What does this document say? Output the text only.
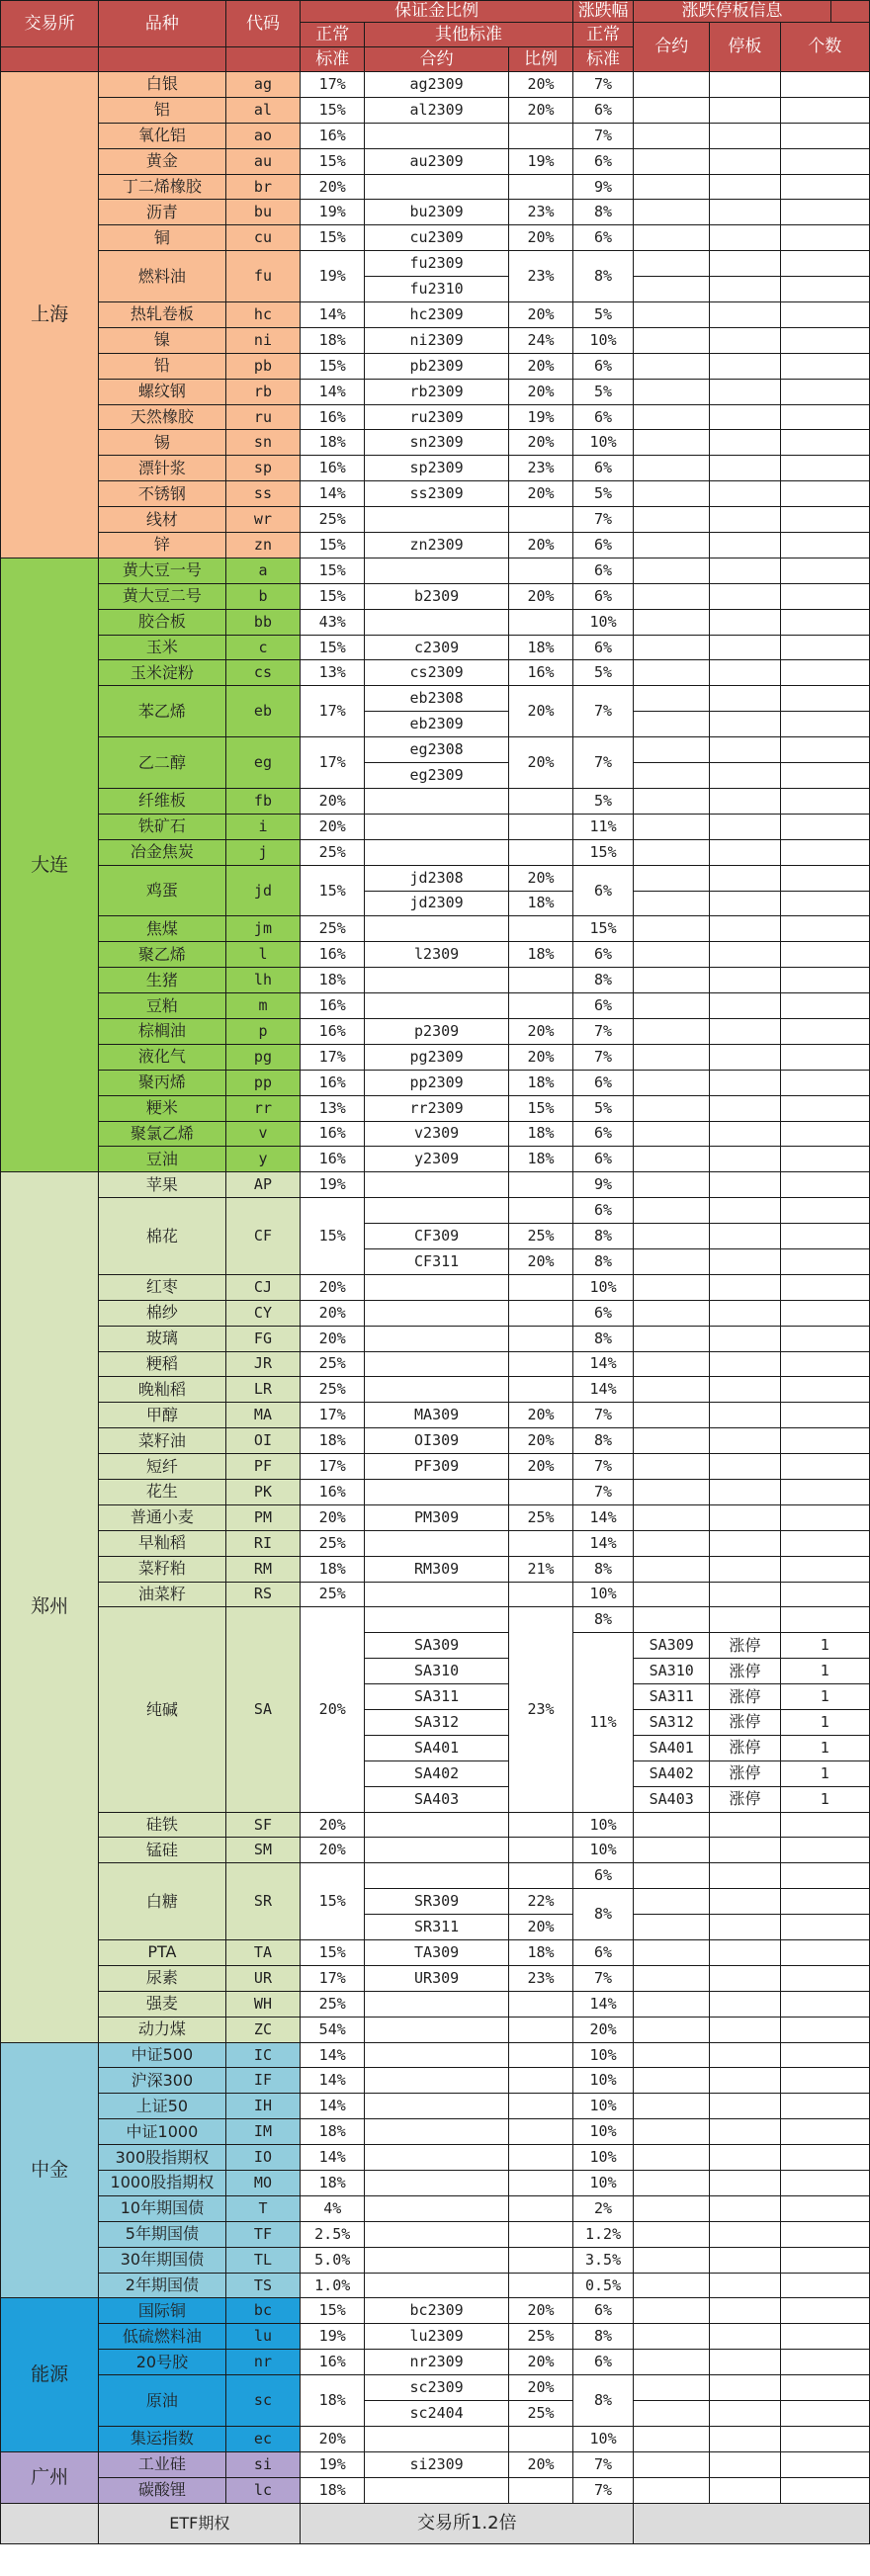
交易所	品种	代码	保证金比例			涨跌幅	涨跌停板信息			
			正常	其他标准		正常	合约	停板	个数	
			标准	合约	比例	标准				
上海	白银	ag	17%	ag2309	20%	7%				
	铝	al	15%	al2309	20%	6%				
	氧化铝	ao	16%			7%				
	黄金	au	15%	au2309	19%	6%				
	丁二烯橡胶	br	20%			9%				
	沥青	bu	19%	bu2309	23%	8%				
	铜	cu	15%	cu2309	20%	6%				
	燃料油	fu	19%	fu2309	23%	8%				
				fu2310						
	热轧卷板	hc	14%	hc2309	20%	5%				
	镍	ni	18%	ni2309	24%	10%				
	铅	pb	15%	pb2309	20%	6%				
	螺纹钢	rb	14%	rb2309	20%	5%				
	天然橡胶	ru	16%	ru2309	19%	6%				
	锡	sn	18%	sn2309	20%	10%				
	漂针浆	sp	16%	sp2309	23%	6%				
	不锈钢	ss	14%	ss2309	20%	5%				
	线材	wr	25%			7%				
	锌	zn	15%	zn2309	20%	6%				
大连	黄大豆一号	a	15%			6%				
	黄大豆二号	b	15%	b2309	20%	6%				
	胶合板	bb	43%			10%				
	玉米	c	15%	c2309	18%	6%				
	玉米淀粉	cs	13%	cs2309	16%	5%				
	苯乙烯	eb	17%	eb2308	20%	7%				
				eb2309						
	乙二醇	eg	17%	eg2308	20%	7%				
				eg2309						
	纤维板	fb	20%			5%				
	铁矿石	i	20%			11%				
	冶金焦炭	j	25%			15%				
	鸡蛋	jd	15%	jd2308	20%	6%				
				jd2309	18%					
	焦煤	jm	25%			15%				
	聚乙烯	l	16%	l2309	18%	6%				
	生猪	lh	18%			8%				
	豆粕	m	16%			6%				
	棕榈油	p	16%	p2309	20%	7%				
	液化气	pg	17%	pg2309	20%	7%				
	聚丙烯	pp	16%	pp2309	18%	6%				
	粳米	rr	13%	rr2309	15%	5%				
	聚氯乙烯	v	16%	v2309	18%	6%				
	豆油	y	16%	y2309	18%	6%				
郑州	苹果	AP	19%			9%				
	棉花	CF	15%			6%				
				CF309	25%	8%				
				CF311	20%	8%				
	红枣	CJ	20%			10%				
	棉纱	CY	20%			6%				
	玻璃	FG	20%			8%				
	粳稻	JR	25%			14%				
	晚籼稻	LR	25%			14%				
	甲醇	MA	17%	MA309	20%	7%				
	菜籽油	OI	18%	OI309	20%	8%				
	短纤	PF	17%	PF309	20%	7%				
	花生	PK	16%			7%				
	普通小麦	PM	20%	PM309	25%	14%				
	早籼稻	RI	25%			14%				
	菜籽粕	RM	18%	RM309	21%	8%				
	油菜籽	RS	25%			10%				
	纯碱	SA	20%		23%	8%				
				SA309		11%	SA309	涨停	1	
				SA310			SA310	涨停	1	
				SA311			SA311	涨停	1	
				SA312			SA312	涨停	1	
				SA401			SA401	涨停	1	
				SA402			SA402	涨停	1	
				SA403			SA403	涨停	1	
	硅铁	SF	20%			10%				
	锰硅	SM	20%			10%				
	白糖	SR	15%			6%				
				SR309	22%	8%				
				SR311	20%					
	PTA	TA	15%	TA309	18%	6%				
	尿素	UR	17%	UR309	23%	7%				
	强麦	WH	25%			14%				
	动力煤	ZC	54%			20%				
中金	中证500	IC	14%			10%				
	沪深300	IF	14%			10%				
	上证50	IH	14%			10%				
	中证1000	IM	18%			10%				
	300股指期权	IO	14%			10%				
	1000股指期权	MO	18%			10%				
	10年期国债	T	4%			2%				
	5年期国债	TF	2.5%			1.2%				
	30年期国债	TL	5.0%			3.5%				
	2年期国债	TS	1.0%			0.5%				
能源	国际铜	bc	15%	bc2309	20%	6%				
	低硫燃料油	lu	19%	lu2309	25%	8%				
	20号胶	nr	16%	nr2309	20%	6%				
	原油	sc	18%	sc2309	20%	8%				
				sc2404	25%					
	集运指数	ec	20%			10%				
广州	工业硅	si	19%	si2309	20%	7%				
	碳酸锂	lc	18%			7%				
	ETF期权		交易所1.2倍							
